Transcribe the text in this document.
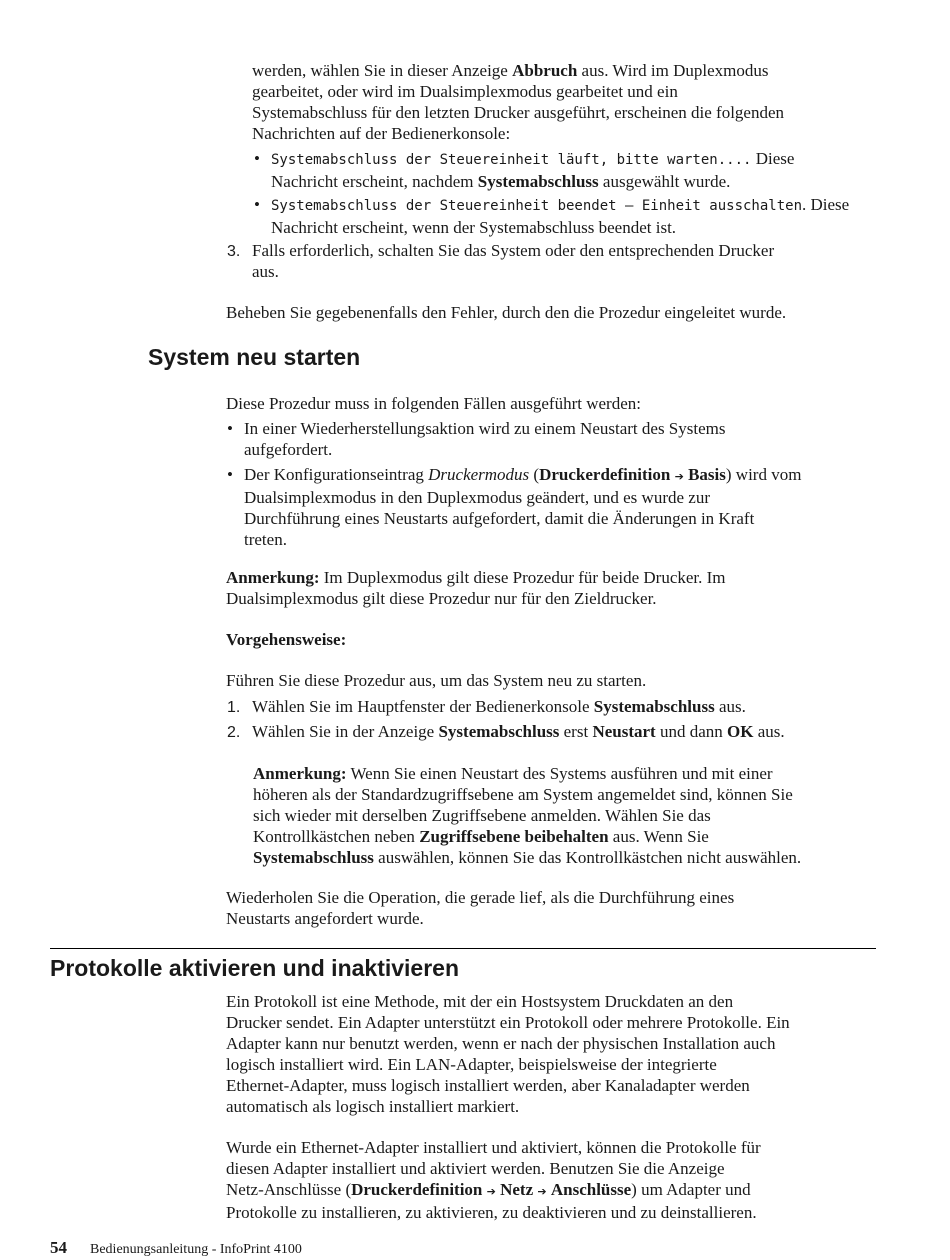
werden, wählen Sie in dieser Anzeige Abbruch aus. Wird im Duplexmodus

gearbeitet, oder wird im Dualsimplexmodus gearbeitet und ein

Systemabschluss für den letzten Drucker ausgeführt, erscheinen die folgenden

Nachrichten auf der Bedienerkonsole:

• Systemabschluss der Steuereinheit läuft, bitte warten.... Diese

Nachricht erscheint, nachdem Systemabschluss ausgewählt wurde.

• Systemabschluss der Steuereinheit beendet – Einheit ausschalten. Diese

Nachricht erscheint, wenn der Systemabschluss beendet ist.

3. Falls erforderlich, schalten Sie das System oder den entsprechenden Drucker

aus.

Beheben Sie gegebenenfalls den Fehler, durch den die Prozedur eingeleitet wurde.

System neu starten

Diese Prozedur muss in folgenden Fällen ausgeführt werden:

• In einer Wiederherstellungsaktion wird zu einem Neustart des Systems

aufgefordert.

• Der Konfigurationseintrag Druckermodus (Druckerdefinition ➔ Basis) wird vom

Dualsimplexmodus in den Duplexmodus geändert, und es wurde zur

Durchführung eines Neustarts aufgefordert, damit die Änderungen in Kraft

treten.

Anmerkung: Im Duplexmodus gilt diese Prozedur für beide Drucker. Im

Dualsimplexmodus gilt diese Prozedur nur für den Zieldrucker.

Vorgehensweise:

Führen Sie diese Prozedur aus, um das System neu zu starten.

1. Wählen Sie im Hauptfenster der Bedienerkonsole Systemabschluss aus.

2. Wählen Sie in der Anzeige Systemabschluss erst Neustart und dann OK aus.

Anmerkung: Wenn Sie einen Neustart des Systems ausführen und mit einer

höheren als der Standardzugriffsebene am System angemeldet sind, können Sie

sich wieder mit derselben Zugriffsebene anmelden. Wählen Sie das

Kontrollkästchen neben Zugriffsebene beibehalten aus. Wenn Sie

Systemabschluss auswählen, können Sie das Kontrollkästchen nicht auswählen.

Wiederholen Sie die Operation, die gerade lief, als die Durchführung eines

Neustarts angefordert wurde.

Protokolle aktivieren und inaktivieren

Ein Protokoll ist eine Methode, mit der ein Hostsystem Druckdaten an den

Drucker sendet. Ein Adapter unterstützt ein Protokoll oder mehrere Protokolle. Ein

Adapter kann nur benutzt werden, wenn er nach der physischen Installation auch

logisch installiert wird. Ein LAN-Adapter, beispielsweise der integrierte

Ethernet-Adapter, muss logisch installiert werden, aber Kanaladapter werden

automatisch als logisch installiert markiert.

Wurde ein Ethernet-Adapter installiert und aktiviert, können die Protokolle für

diesen Adapter installiert und aktiviert werden. Benutzen Sie die Anzeige

Netz-Anschlüsse (Druckerdefinition ➔ Netz ➔ Anschlüsse) um Adapter und

Protokolle zu installieren, zu aktivieren, zu deaktivieren und zu deinstallieren.

54 Bedienungsanleitung - InfoPrint 4100
